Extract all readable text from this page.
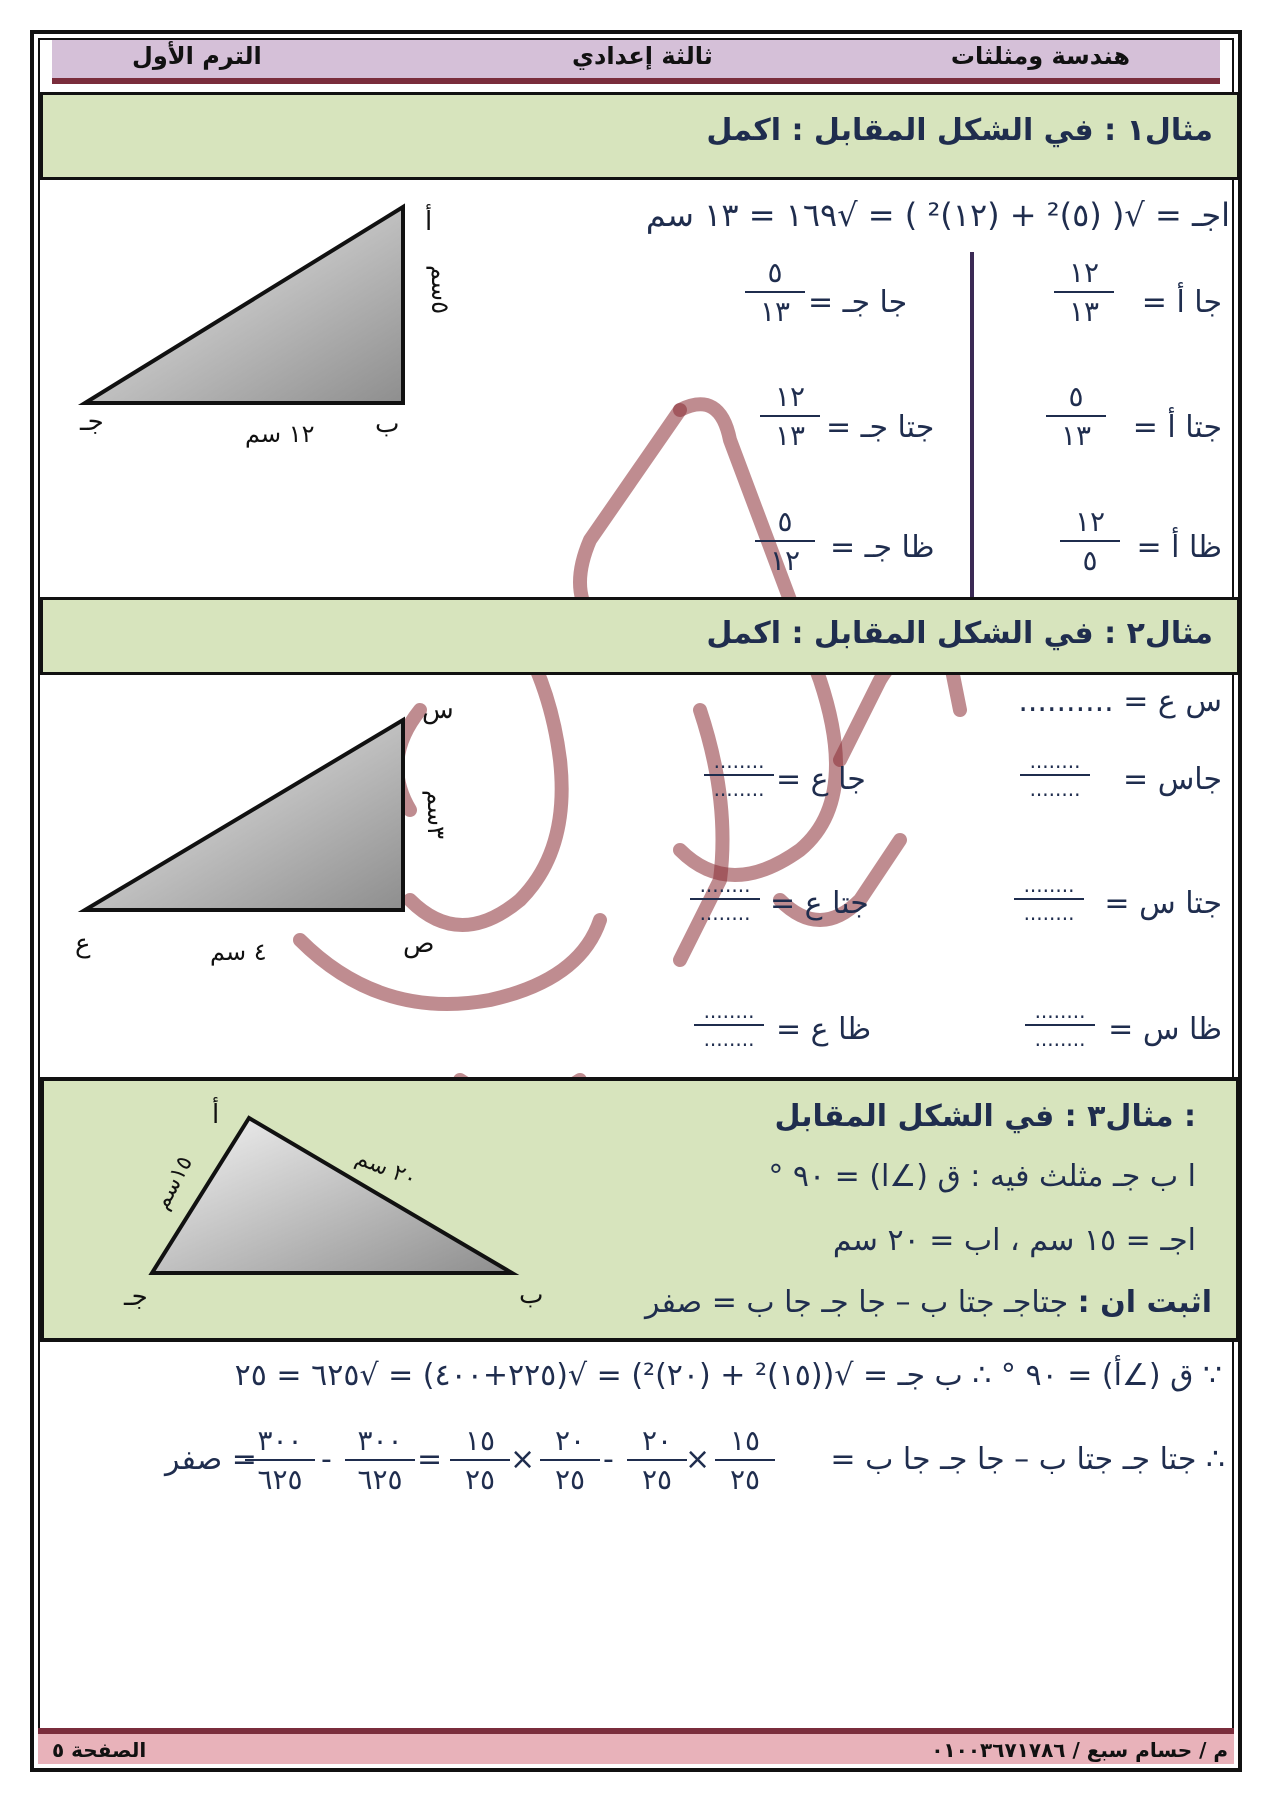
هندسة ومثلثات
ثالثة إعدادي
الترم الأول
مثال١ : في الشكل المقابل : اكمل
اجـ = √( (٥)² + (١٢)² ) = √١٦٩ = ١٣ سم
جا أ =
١٢
١٣
جتا أ =
٥
١٣
ظا أ =
١٢
٥
جا جـ =
٥
١٣
جتا جـ =
١٢
١٣
ظا جـ =
٥
١٢
أ
ب
جـ	١٢ سم
٥سم
مثال٢ : في الشكل المقابل : اكمل
س ع = ..........
جاس =
........
........
جتا س =
........
........
ظا س =
........
........
جا ع =
........
........
جتا ع =
........
........
ظا ع =
........
........
س
ص
ع	٤ سم
٣سم
مثال٣ : في الشكل المقابل :
ا ب جـ مثلث فيه : ق (∠ا) = ٩٠ °
اجـ = ١٥ سم ، اب = ٢٠ سم
اثبت ان : جتاجـ جتا ب – جا جـ جا ب = صفر
أ
ب
جـ
١٥سم	٢٠ سم
∵ ق (∠أ) = ٩٠ ° ∴ ب جـ = √((١٥)² + (٢٠)²) = √(٢٢٥+٤٠٠) = √٦٢٥ = ٢٥
∴ جتا جـ جتا ب – جا جـ جا ب =
١٥
٢٥
×
٢٠
٢٥
-
٢٠
٢٥
×
١٥
٢٥
=
٣٠٠
٦٢٥
-
٣٠٠
٦٢٥
= صفر
م / حسام سبع / ٠١٠٠٣٦٧١٧٨٦
الصفحة ٥
